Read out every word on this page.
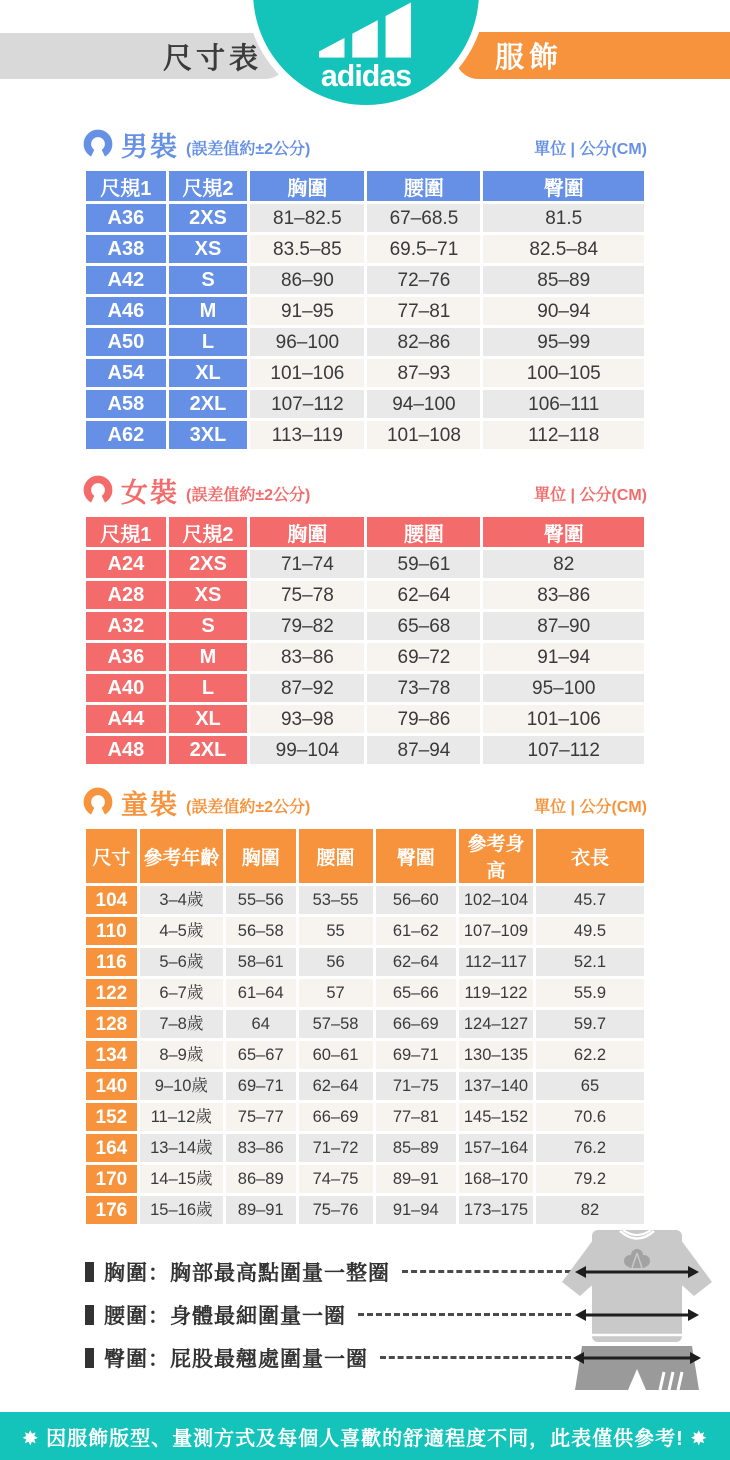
尺寸表	服飾
adidas
男裝 (誤差值約±2公分)	單位 | 公分(CM)
尺規1	尺規2	胸圍	腰圍	臀圍
A36	2XS	81–82.5	67–68.5	81.5
A38	XS	83.5–85	69.5–71	82.5–84
A42	S	86–90	72–76	85–89
A46	M	91–95	77–81	90–94
A50	L	96–100	82–86	95–99
A54	XL	101–106	87–93	100–105
A58	2XL	107–112	94–100	106–111
A62	3XL	113–119	101–108	112–118
女裝 (誤差值約±2公分)	單位 | 公分(CM)
尺規1	尺規2	胸圍	腰圍	臀圍
A24	2XS	71–74	59–61	82
A28	XS	75–78	62–64	83–86
A32	S	79–82	65–68	87–90
A36	M	83–86	69–72	91–94
A40	L	87–92	73–78	95–100
A44	XL	93–98	79–86	101–106
A48	2XL	99–104	87–94	107–112
童裝 (誤差值約±2公分)	單位 | 公分(CM)
尺寸	參考年齡	胸圍	腰圍	臀圍	參考身高	衣長
104	3–4歲	55–56	53–55	56–60	102–104	45.7
110	4–5歲	56–58	55	61–62	107–109	49.5
116	5–6歲	58–61	56	62–64	112–117	52.1
122	6–7歲	61–64	57	65–66	119–122	55.9
128	7–8歲	64	57–58	66–69	124–127	59.7
134	8–9歲	65–67	60–61	69–71	130–135	62.2
140	9–10歲	69–71	62–64	71–75	137–140	65
152	11–12歲	75–77	66–69	77–81	145–152	70.6
164	13–14歲	83–86	71–72	85–89	157–164	76.2
170	14–15歲	86–89	74–75	89–91	168–170	79.2
176	15–16歲	89–91	75–76	91–94	173–175	82
胸圍：胸部最高點圍量一整圈
腰圍：身體最細圍量一圈
臀圍：屁股最翹處圍量一圈
✸ 因服飾版型、量測方式及每個人喜歡的舒適程度不同，此表僅供參考! ✸
